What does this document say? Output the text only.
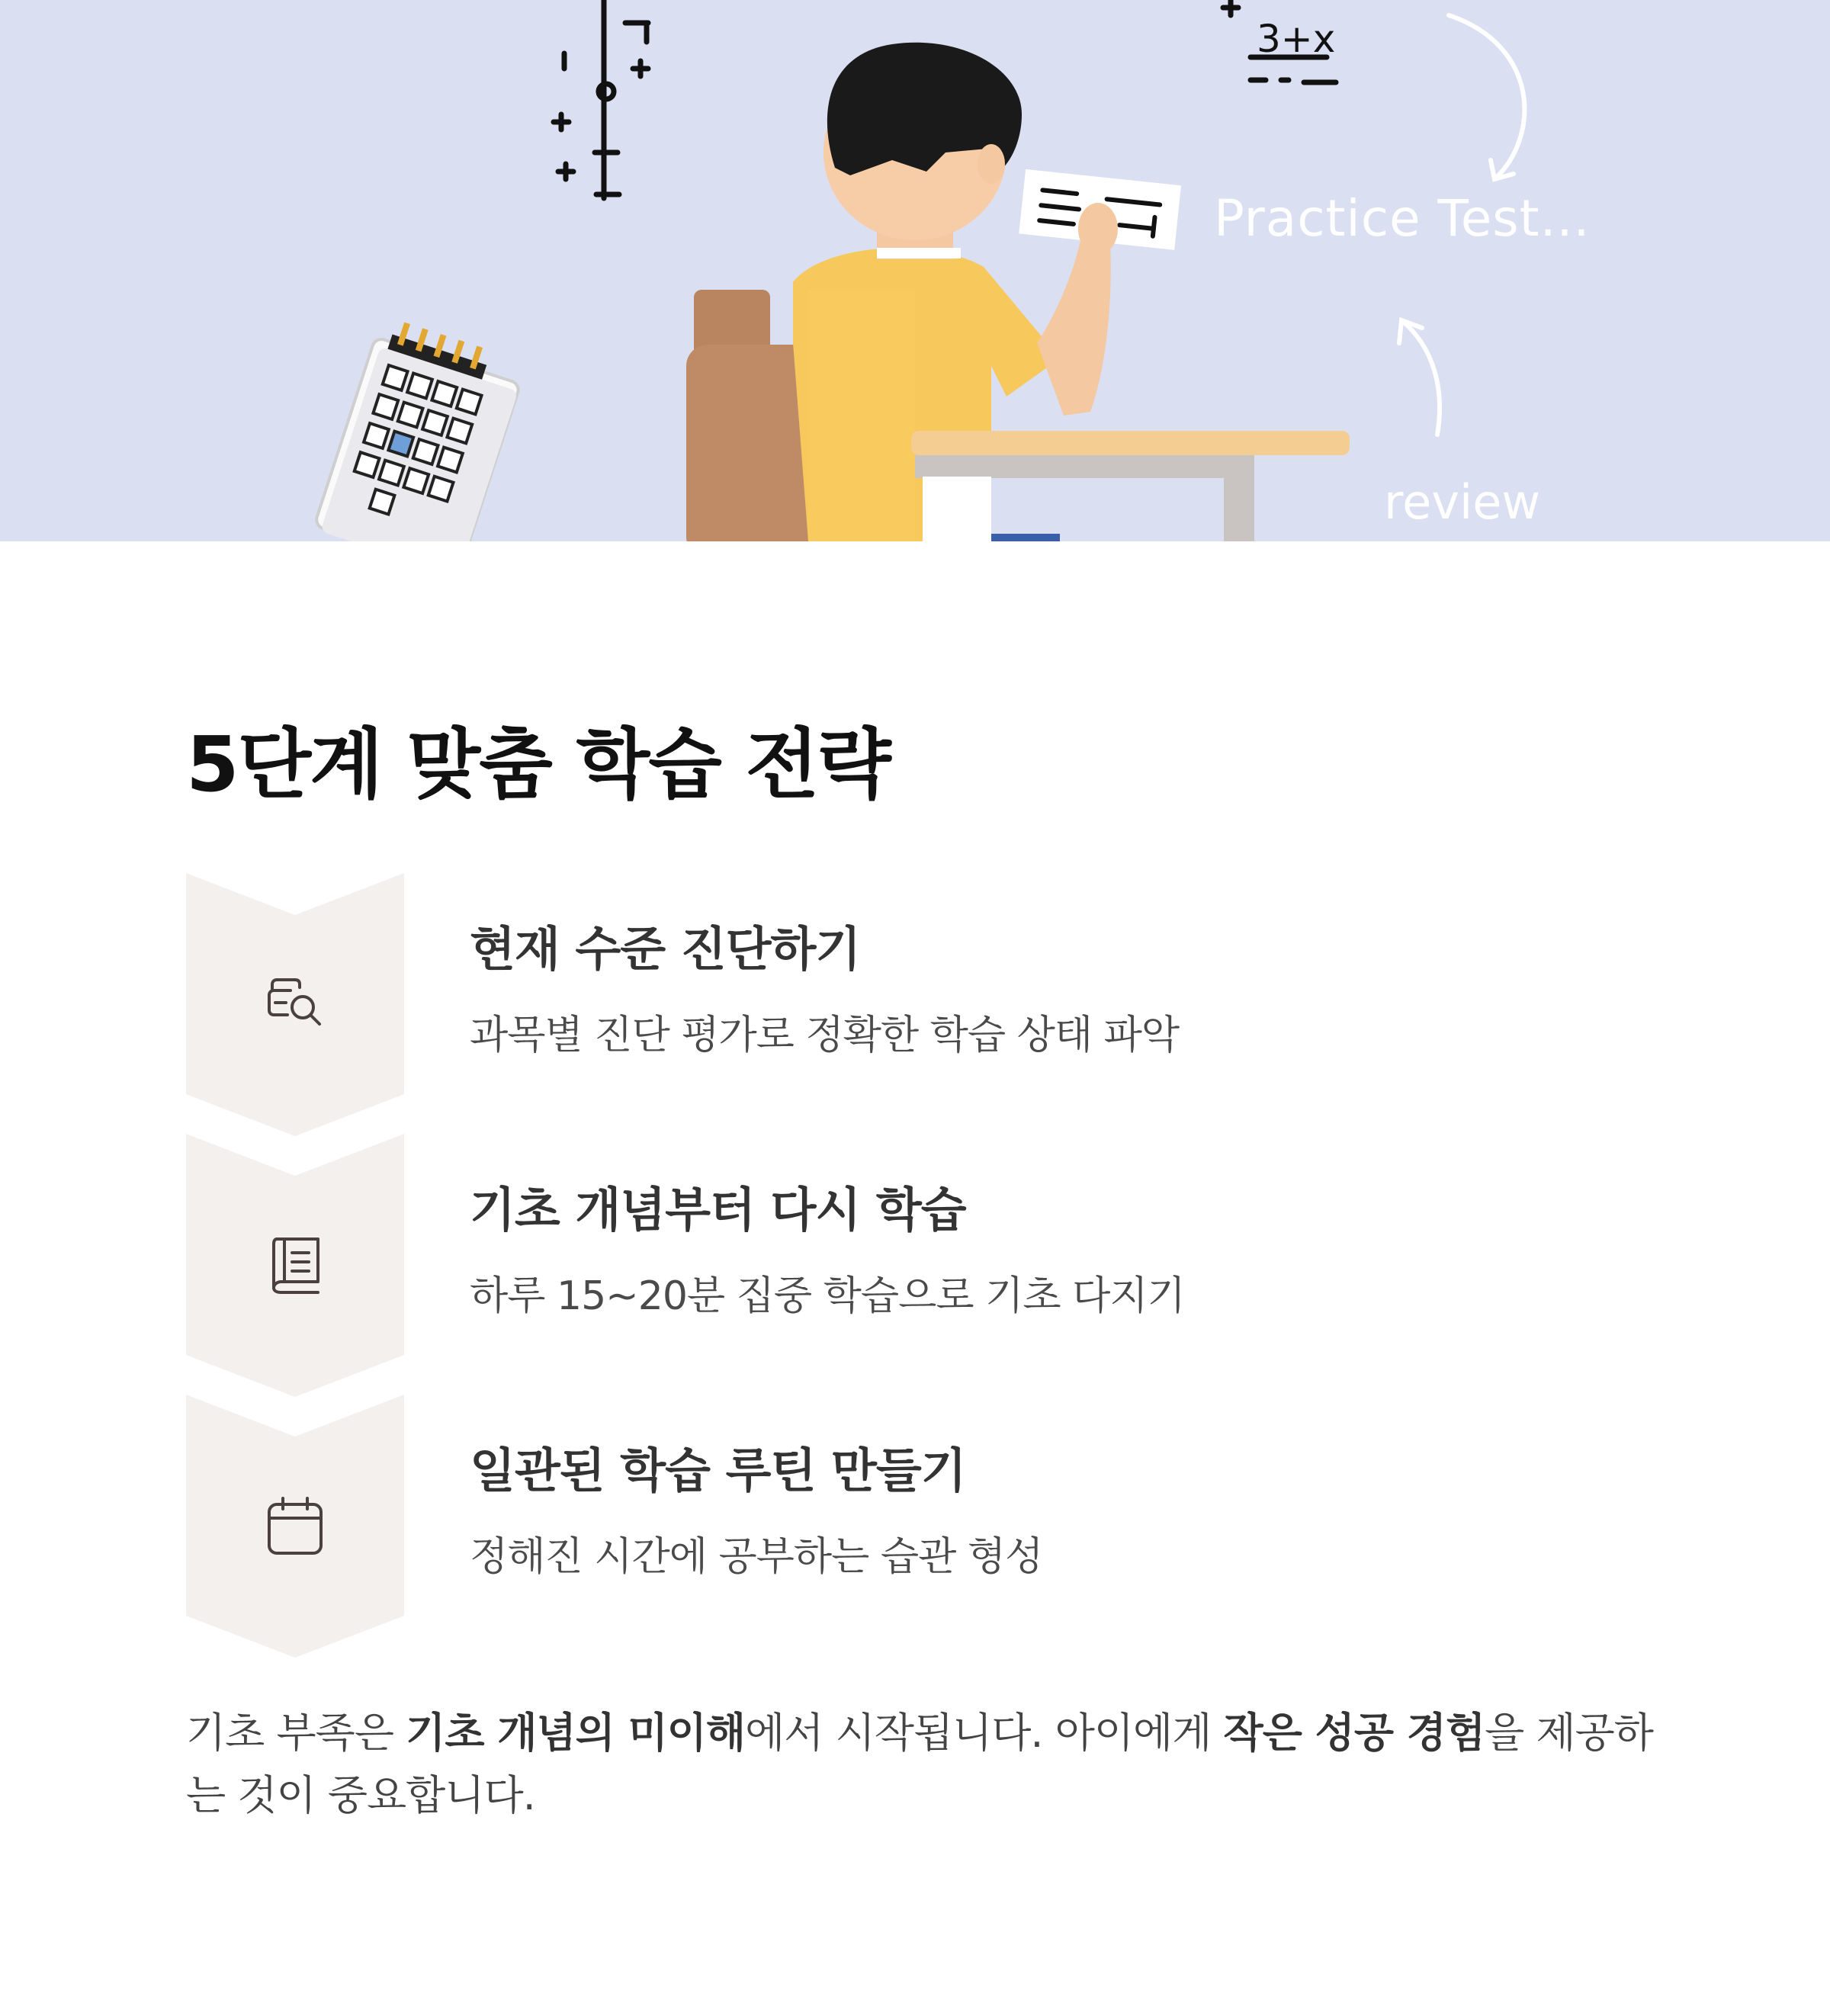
3+x
Practice Test...
review
5단계 맞춤 학습 전략
현재 수준 진단하기
과목별 진단 평가로 정확한 학습 상태 파악
기초 개념부터 다시 학습
하루 15~20분 집중 학습으로 기초 다지기
일관된 학습 루틴 만들기
정해진 시간에 공부하는 습관 형성

기초 부족은 기초 개념의 미이해에서 시작됩니다. 아이에게 작은 성공 경험을 제공하는 것이 중요합니다.
